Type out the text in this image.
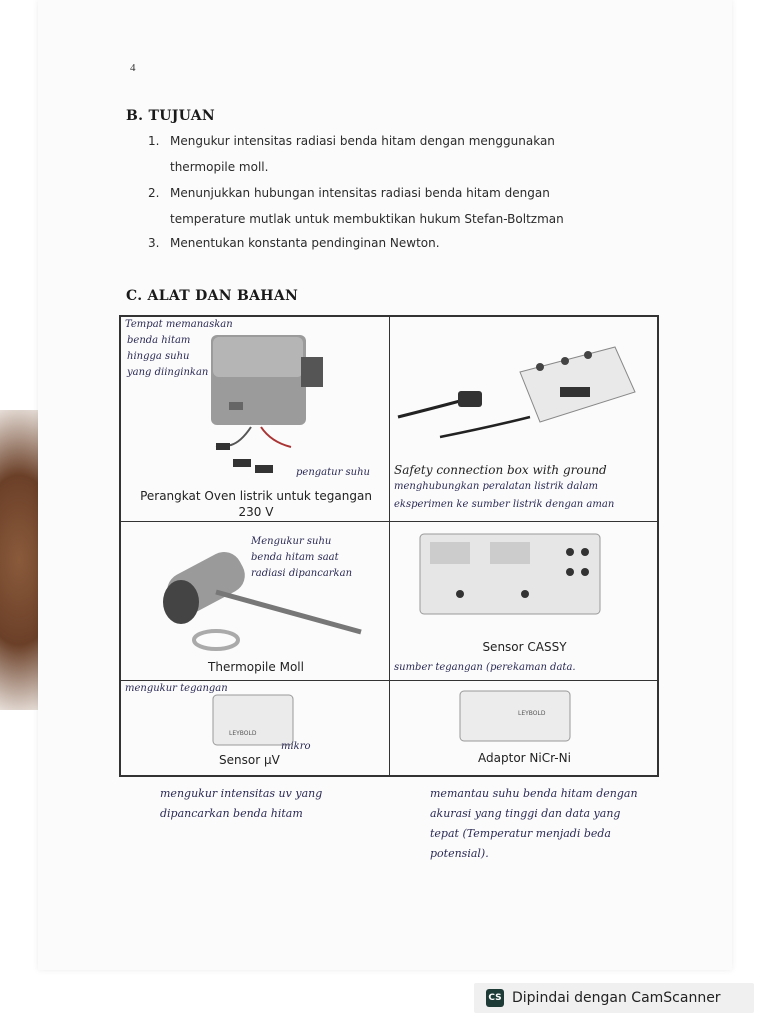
4
B. TUJUAN
1. Mengukur intensitas radiasi benda hitam dengan menggunakan
thermopile moll.
2. Menunjukkan hubungan intensitas radiasi benda hitam dengan
temperature mutlak untuk membuktikan hukum Stefan-Boltzman
3. Menentukan konstanta pendinginan Newton.
C. ALAT DAN BAHAN
Tempat memanaskan
benda hitam
hingga suhu
yang diinginkan
pengatur suhu
Perangkat Oven listrik untuk tegangan
230 V
Safety connection box with ground
menghubungkan peralatan listrik dalam
eksperimen ke sumber listrik dengan aman
Mengukur suhu
benda hitam saat
radiasi dipancarkan
Thermopile Moll
Sensor CASSY
sumber tegangan (perekaman data.
LEYBOLD
mengukur tegangan
mikro
Sensor µV
LEYBOLD
Adaptor NiCr-Ni
mengukur intensitas uv yang
dipancarkan benda hitam
memantau suhu benda hitam dengan
akurasi yang tinggi dan data yang
tepat (Temperatur menjadi beda
potensial).
CS Dipindai dengan CamScanner
